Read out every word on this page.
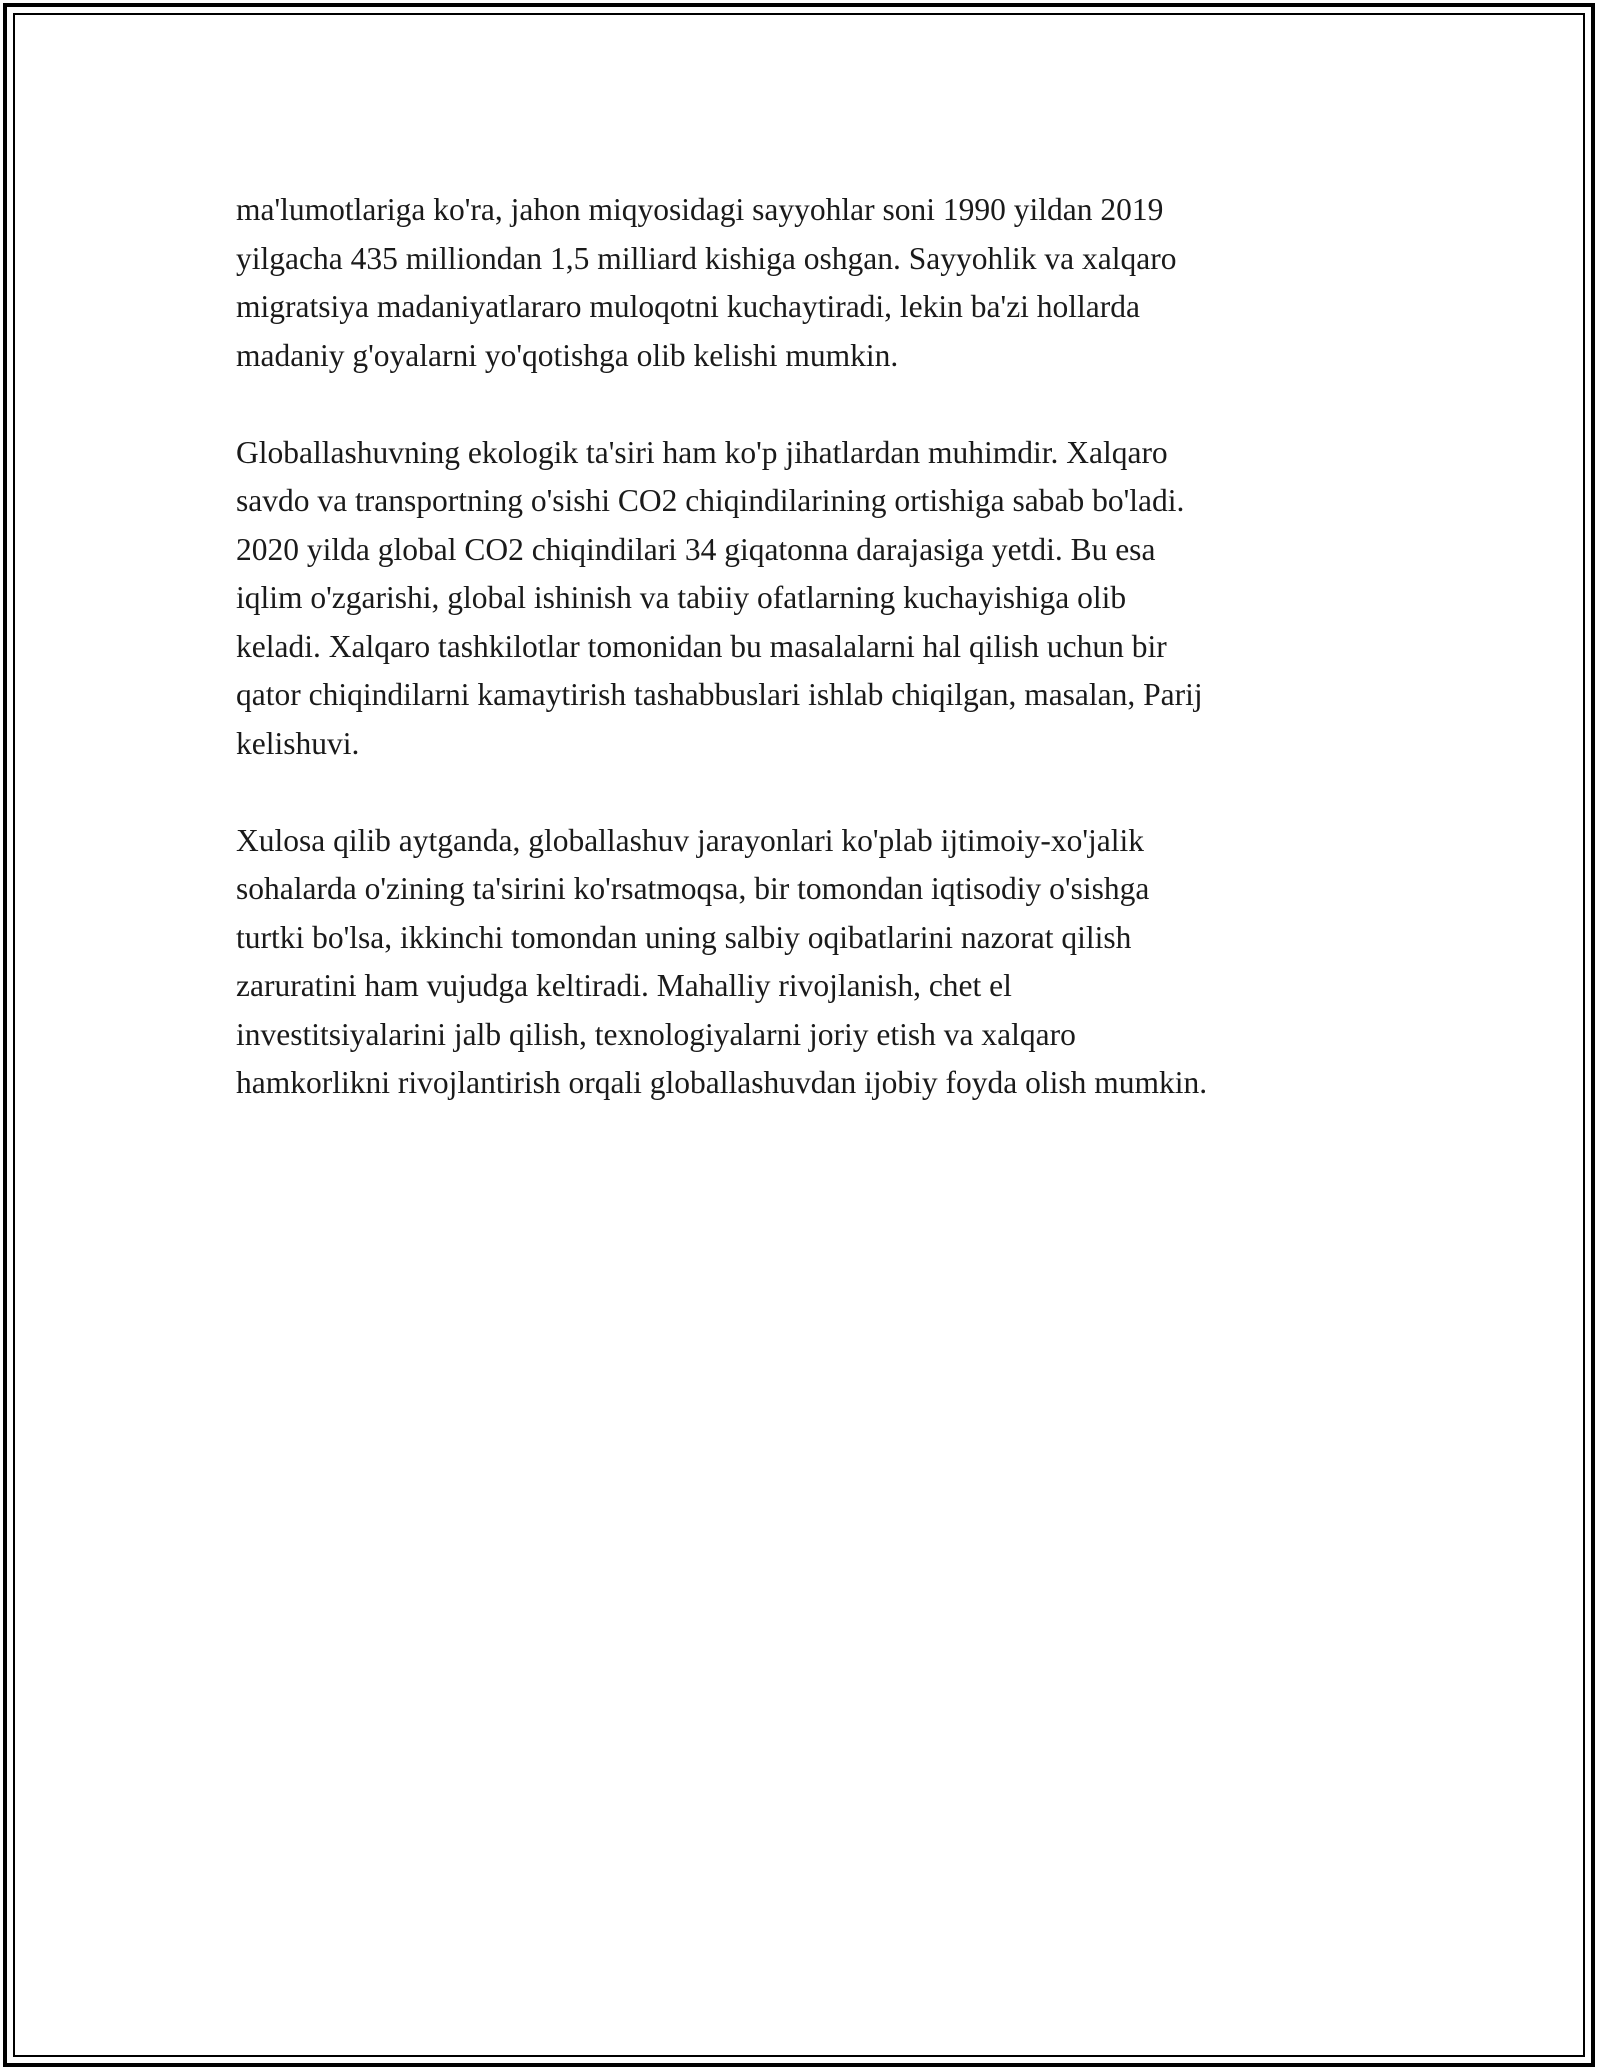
ma'lumotlariga ko'ra, jahon miqyosidagi sayyohlar soni 1990 yildan 2019
yilgacha 435 milliondan 1,5 milliard kishiga oshgan. Sayyohlik va xalqaro
migratsiya madaniyatlararo muloqotni kuchaytiradi, lekin ba'zi hollarda
madaniy g'oyalarni yo'qotishga olib kelishi mumkin.

Globallashuvning ekologik ta'siri ham ko'p jihatlardan muhimdir. Xalqaro
savdo va transportning o'sishi CO2 chiqindilarining ortishiga sabab bo'ladi.
2020 yilda global CO2 chiqindilari 34 giqatonna darajasiga yetdi. Bu esa
iqlim o'zgarishi, global ishinish va tabiiy ofatlarning kuchayishiga olib
keladi. Xalqaro tashkilotlar tomonidan bu masalalarni hal qilish uchun bir
qator chiqindilarni kamaytirish tashabbuslari ishlab chiqilgan, masalan, Parij
kelishuvi.

Xulosa qilib aytganda, globallashuv jarayonlari ko'plab ijtimoiy-xo'jalik
sohalarda o'zining ta'sirini ko'rsatmoqsa, bir tomondan iqtisodiy o'sishga
turtki bo'lsa, ikkinchi tomondan uning salbiy oqibatlarini nazorat qilish
zaruratini ham vujudga keltiradi. Mahalliy rivojlanish, chet el
investitsiyalarini jalb qilish, texnologiyalarni joriy etish va xalqaro
hamkorlikni rivojlantirish orqali globallashuvdan ijobiy foyda olish mumkin.
